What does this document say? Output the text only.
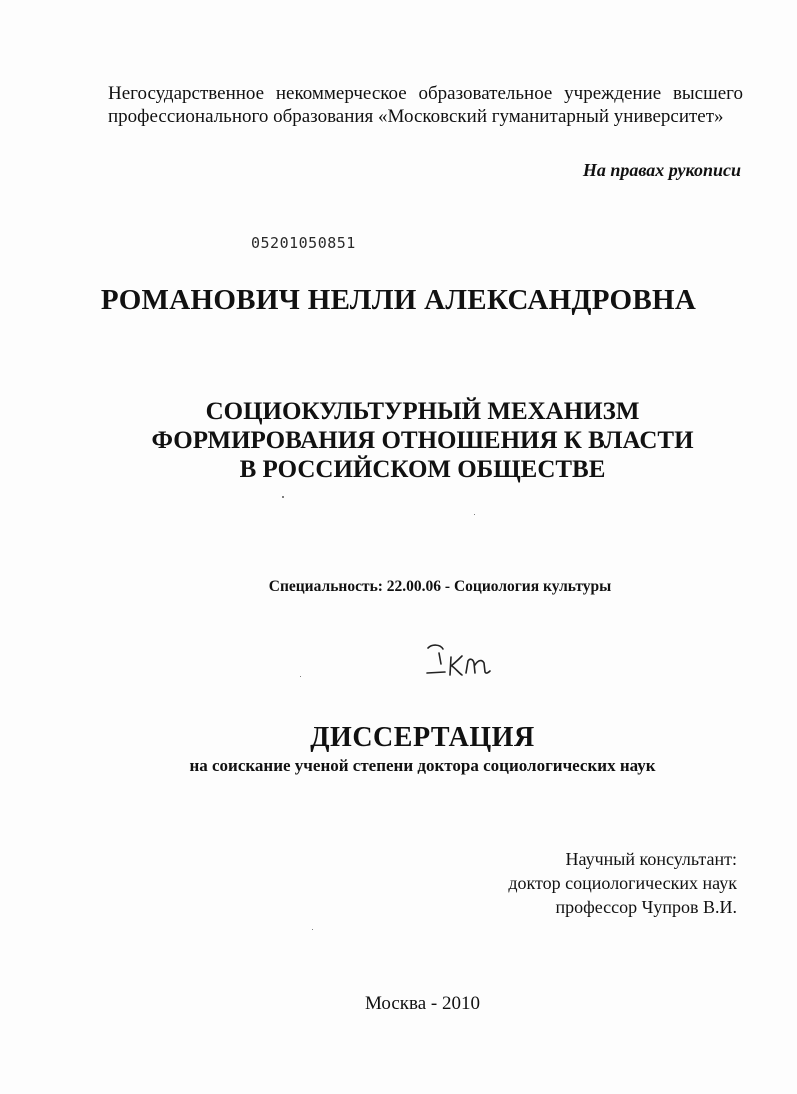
Негосударственное некоммерческое образовательное учреждение высшего
профессионального образования «Московский гуманитарный университет»
На правах рукописи
05201050851
РОМАНОВИЧ НЕЛЛИ АЛЕКСАНДРОВНА
СОЦИОКУЛЬТУРНЫЙ МЕХАНИЗМ
ФОРМИРОВАНИЯ ОТНОШЕНИЯ К ВЛАСТИ
В РОССИЙСКОМ ОБЩЕСТВЕ
Специальность: 22.00.06 - Социология культуры
ДИССЕРТАЦИЯ
на соискание ученой степени доктора социологических наук
Научный консультант:
доктор социологических наук
профессор Чупров В.И.
Москва - 2010
